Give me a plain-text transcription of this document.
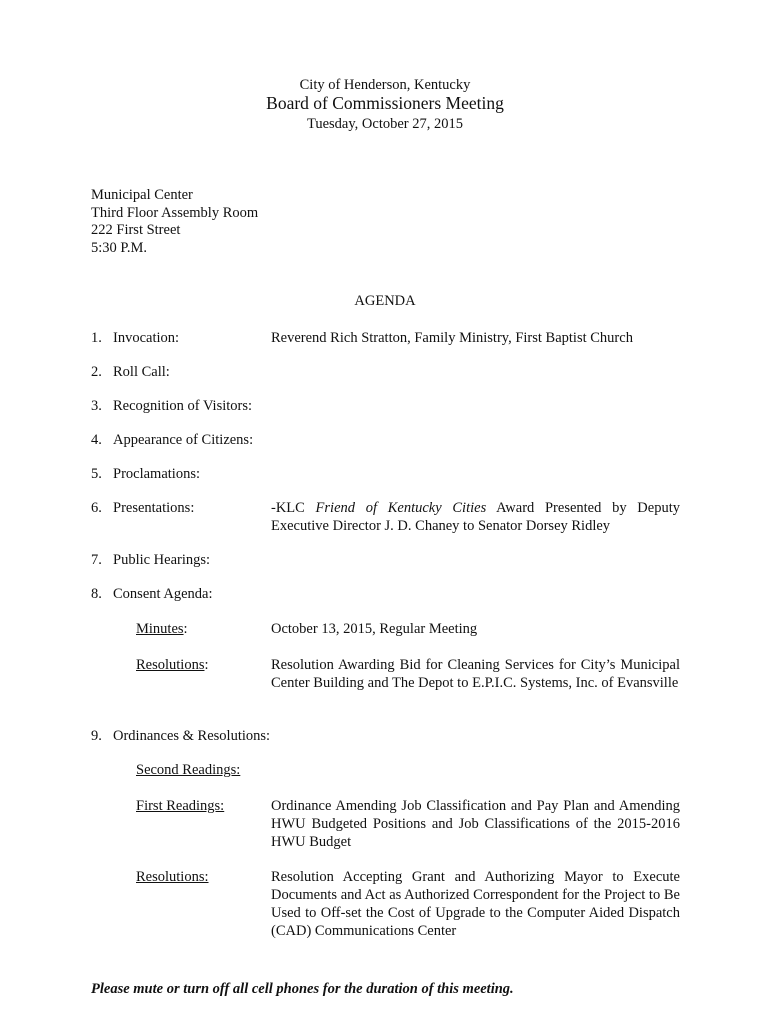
City of Henderson, Kentucky
Board of Commissioners Meeting
Tuesday, October 27, 2015
Municipal Center
Third Floor Assembly Room
222 First Street
5:30 P.M.
AGENDA
1. Invocation:	Reverend Rich Stratton, Family Ministry, First Baptist Church
2. Roll Call:
3. Recognition of Visitors:
4. Appearance of Citizens:
5. Proclamations:
6. Presentations:	-KLC Friend of Kentucky Cities Award Presented by Deputy Executive Director J. D. Chaney to Senator Dorsey Ridley
7. Public Hearings:
8. Consent Agenda:
Minutes:	October 13, 2015, Regular Meeting
Resolutions:	Resolution Awarding Bid for Cleaning Services for City’s Municipal Center Building and The Depot to E.P.I.C. Systems, Inc. of Evansville
9. Ordinances & Resolutions:
Second Readings:
First Readings:	Ordinance Amending Job Classification and Pay Plan and Amending HWU Budgeted Positions and Job Classifications of the 2015-2016 HWU Budget
Resolutions:	Resolution Accepting Grant and Authorizing Mayor to Execute Documents and Act as Authorized Correspondent for the Project to Be Used to Off-set the Cost of Upgrade to the Computer Aided Dispatch (CAD) Communications Center
Please mute or turn off all cell phones for the duration of this meeting.
